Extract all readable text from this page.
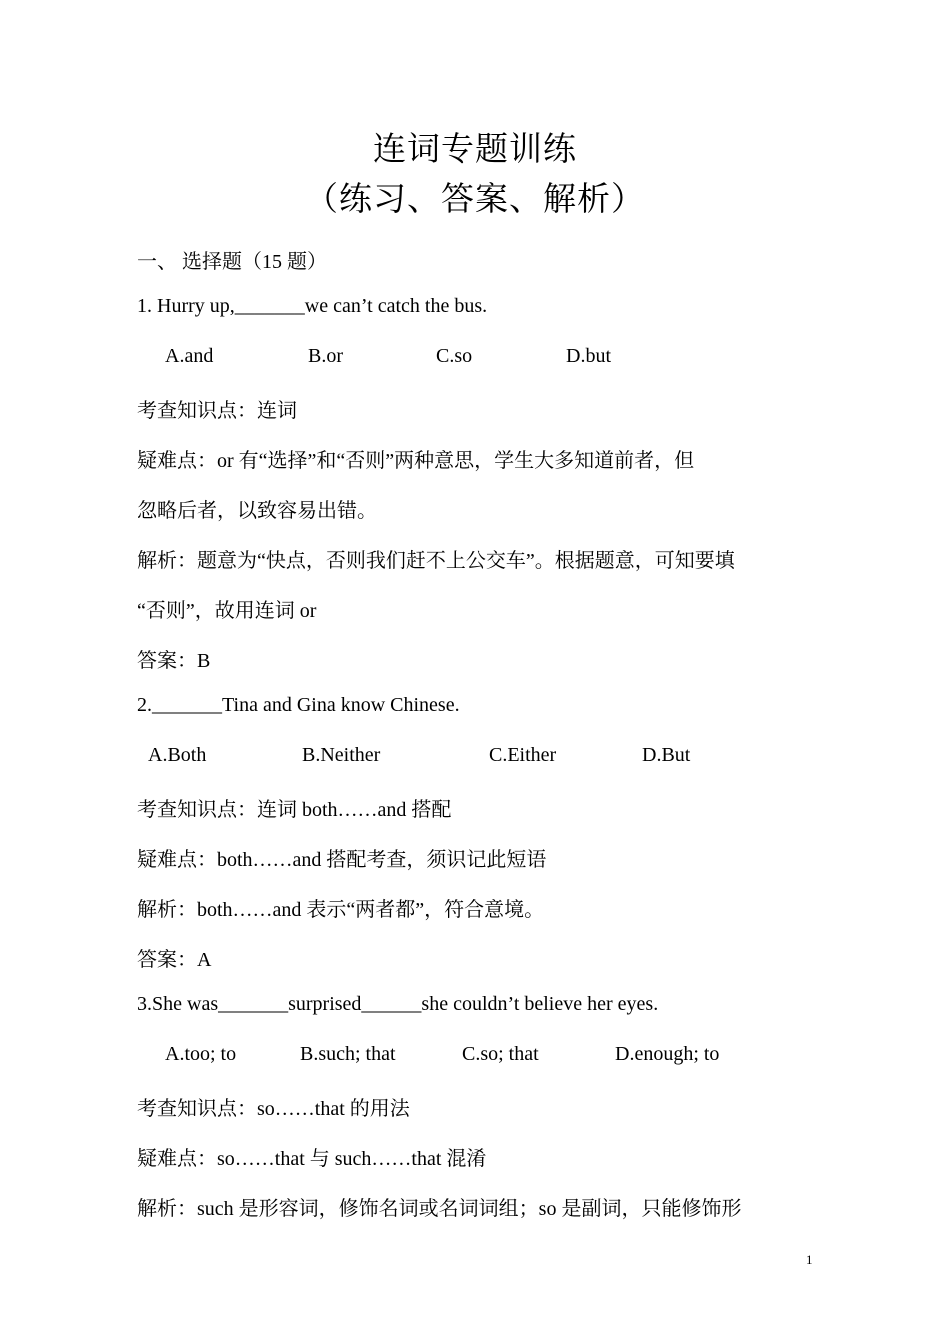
连词专题训练
（练习、答案、解析）
一、 选择题（15 题）
1. Hurry up,_______we can’t catch the bus.
A.and	B.or	C.so	D.but
考查知识点：连词
疑难点：or 有“选择”和“否则”两种意思，学生大多知道前者，但
忽略后者，以致容易出错。
解析：题意为“快点，否则我们赶不上公交车”。根据题意，可知要填
“否则”，故用连词 or
答案：B
2._______Tina and Gina know Chinese.
A.Both	B.Neither	C.Either	D.But
考查知识点：连词 both……and 搭配
疑难点：both……and 搭配考查，须识记此短语
解析：both……and 表示“两者都”，符合意境。
答案：A
3.She was_______surprised______she couldn’t believe her eyes.
A.too; to	B.such; that	C.so; that	D.enough; to
考查知识点：so……that 的用法
疑难点：so……that 与 such……that 混淆
解析：such 是形容词，修饰名词或名词词组；so 是副词，只能修饰形
1
